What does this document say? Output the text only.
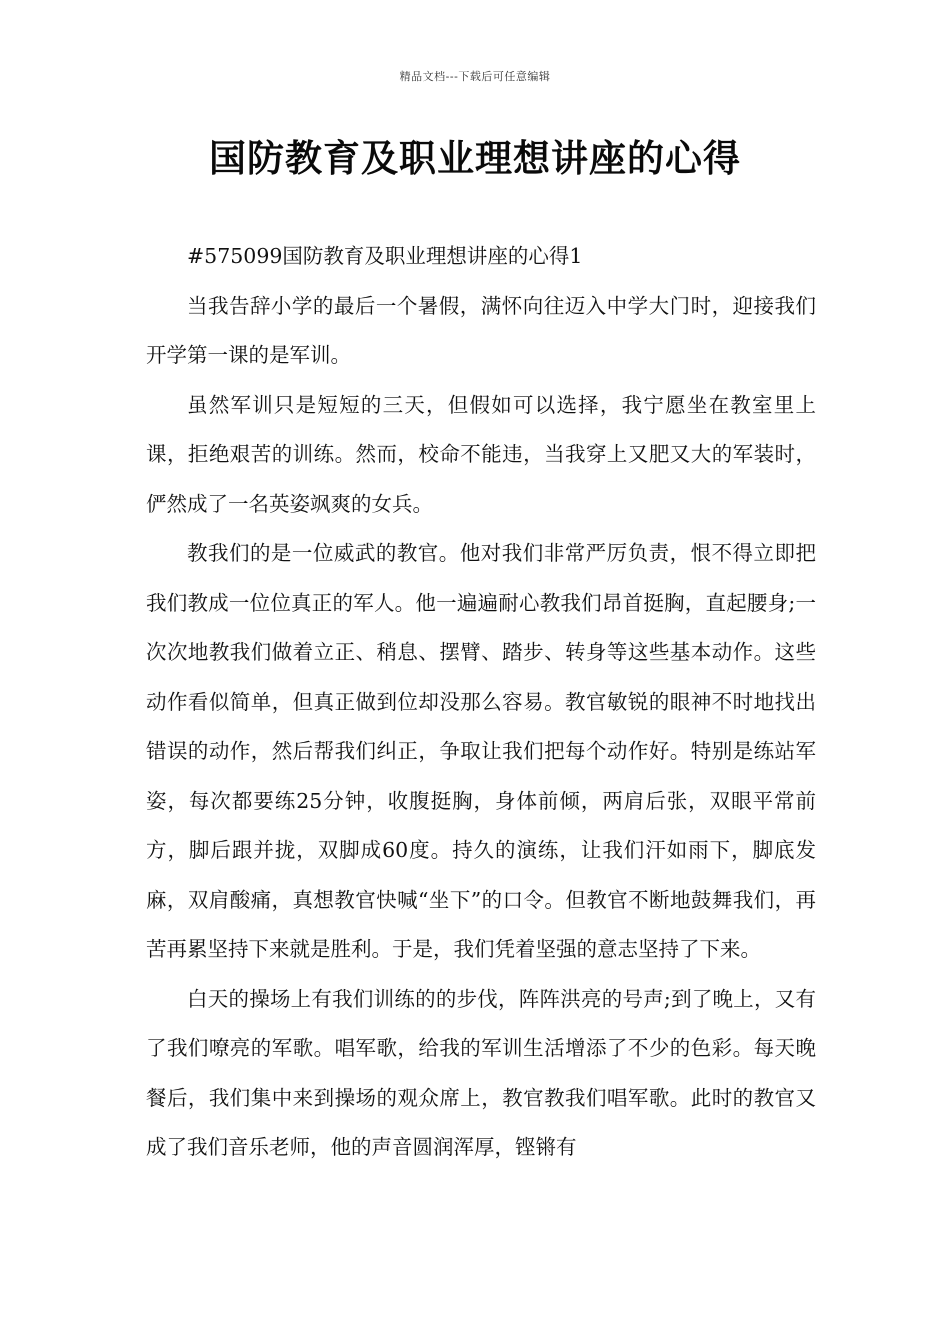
精品文档---下载后可任意编辑
国防教育及职业理想讲座的心得

#575099国防教育及职业理想讲座的心得1

当我告辞小学的最后一个暑假，满怀向往迈入中学大门时，迎接我们开学第一课的是军训。

虽然军训只是短短的三天，但假如可以选择，我宁愿坐在教室里上课，拒绝艰苦的训练。然而，校命不能违，当我穿上又肥又大的军装时，俨然成了一名英姿飒爽的女兵。

教我们的是一位威武的教官。他对我们非常严厉负责，恨不得立即把我们教成一位位真正的军人。他一遍遍耐心教我们昂首挺胸，直起腰身;一次次地教我们做着立正、稍息、摆臂、踏步、转身等这些基本动作。这些动作看似简单，但真正做到位却没那么容易。教官敏锐的眼神不时地找出错误的动作，然后帮我们纠正，争取让我们把每个动作好。特别是练站军姿，每次都要练25分钟，收腹挺胸，身体前倾，两肩后张，双眼平常前方，脚后跟并拢，双脚成60度。持久的演练，让我们汗如雨下，脚底发麻，双肩酸痛，真想教官快喊“坐下”的口令。但教官不断地鼓舞我们，再苦再累坚持下来就是胜利。于是，我们凭着坚强的意志坚持了下来。

白天的操场上有我们训练的的步伐，阵阵洪亮的号声;到了晚上，又有了我们嘹亮的军歌。唱军歌，给我的军训生活增添了不少的色彩。每天晚餐后，我们集中来到操场的观众席上，教官教我们唱军歌。此时的教官又成了我们音乐老师，他的声音圆润浑厚，铿锵有
